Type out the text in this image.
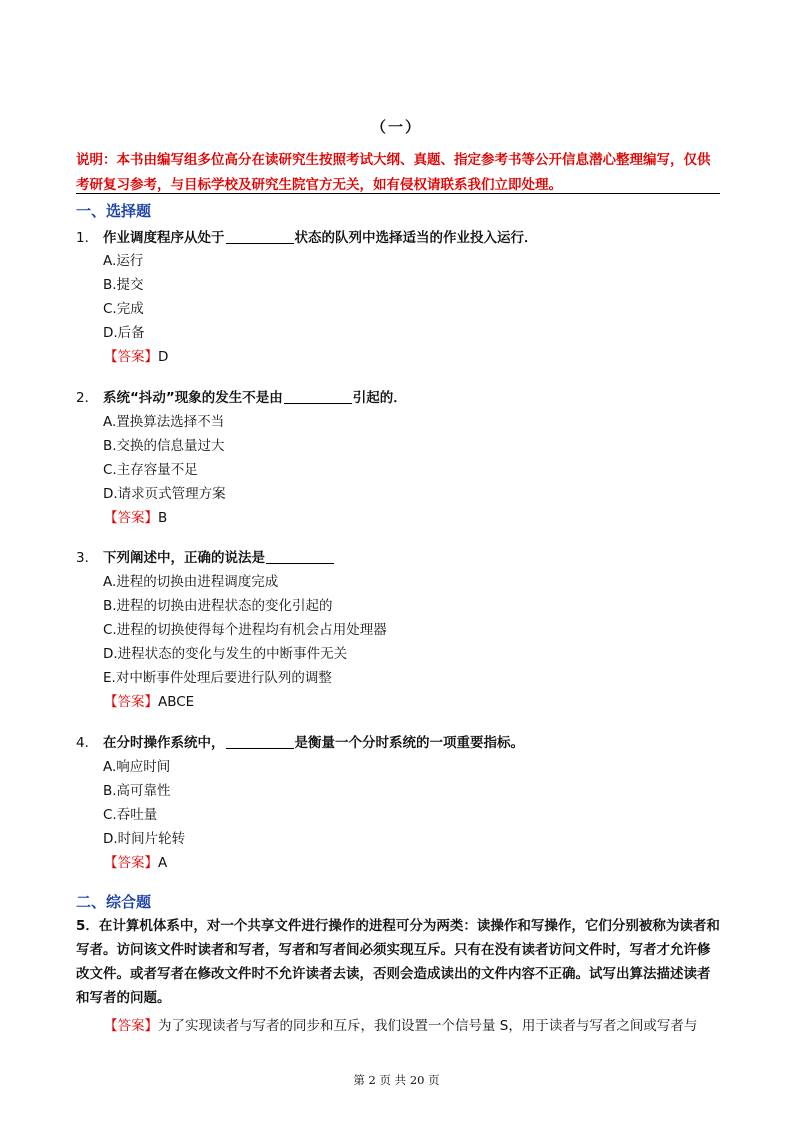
（一）
说明：本书由编写组多位高分在读研究生按照考试大纲、真题、指定参考书等公开信息潜心整理编写，仅供考研复习参考，与目标学校及研究生院官方无关，如有侵权请联系我们立即处理。
一、选择题
1． 作业调度程序从处于	状态的队列中选择适当的作业投入运行．
A.运行
B.提交
C.完成
D.后备
【答案】D
2． 系统“抖动”现象的发生不是由	引起的．
A.置换算法选择不当
B.交换的信息量过大
C.主存容量不足
D.请求页式管理方案
【答案】B
3． 下列阐述中，正确的说法是
A.进程的切换由进程调度完成
B.进程的切换由进程状态的变化引起的
C.进程的切换使得每个进程均有机会占用处理器
D.进程状态的变化与发生的中断事件无关
E.对中断事件处理后要进行队列的调整
【答案】ABCE
4． 在分时操作系统中，	是衡量一个分时系统的一项重要指标。
A.响应时间
B.高可靠性
C.吞吐量
D.时间片轮转
【答案】A
二、综合题
5．在计算机体系中，对一个共享文件进行操作的进程可分为两类：读操作和写操作，它们分别被称为读者和写者。访问该文件时读者和写者，写者和写者间必须实现互斥。只有在没有读者访问文件时，写者才允许修改文件。或者写者在修改文件时不允许读者去读，否则会造成读出的文件内容不正确。试写出算法描述读者和写者的问题。
【答案】为了实现读者与写者的同步和互斥，我们设置一个信号量 S，用于读者与写者之间或写者与
第 2 页 共 20 页
